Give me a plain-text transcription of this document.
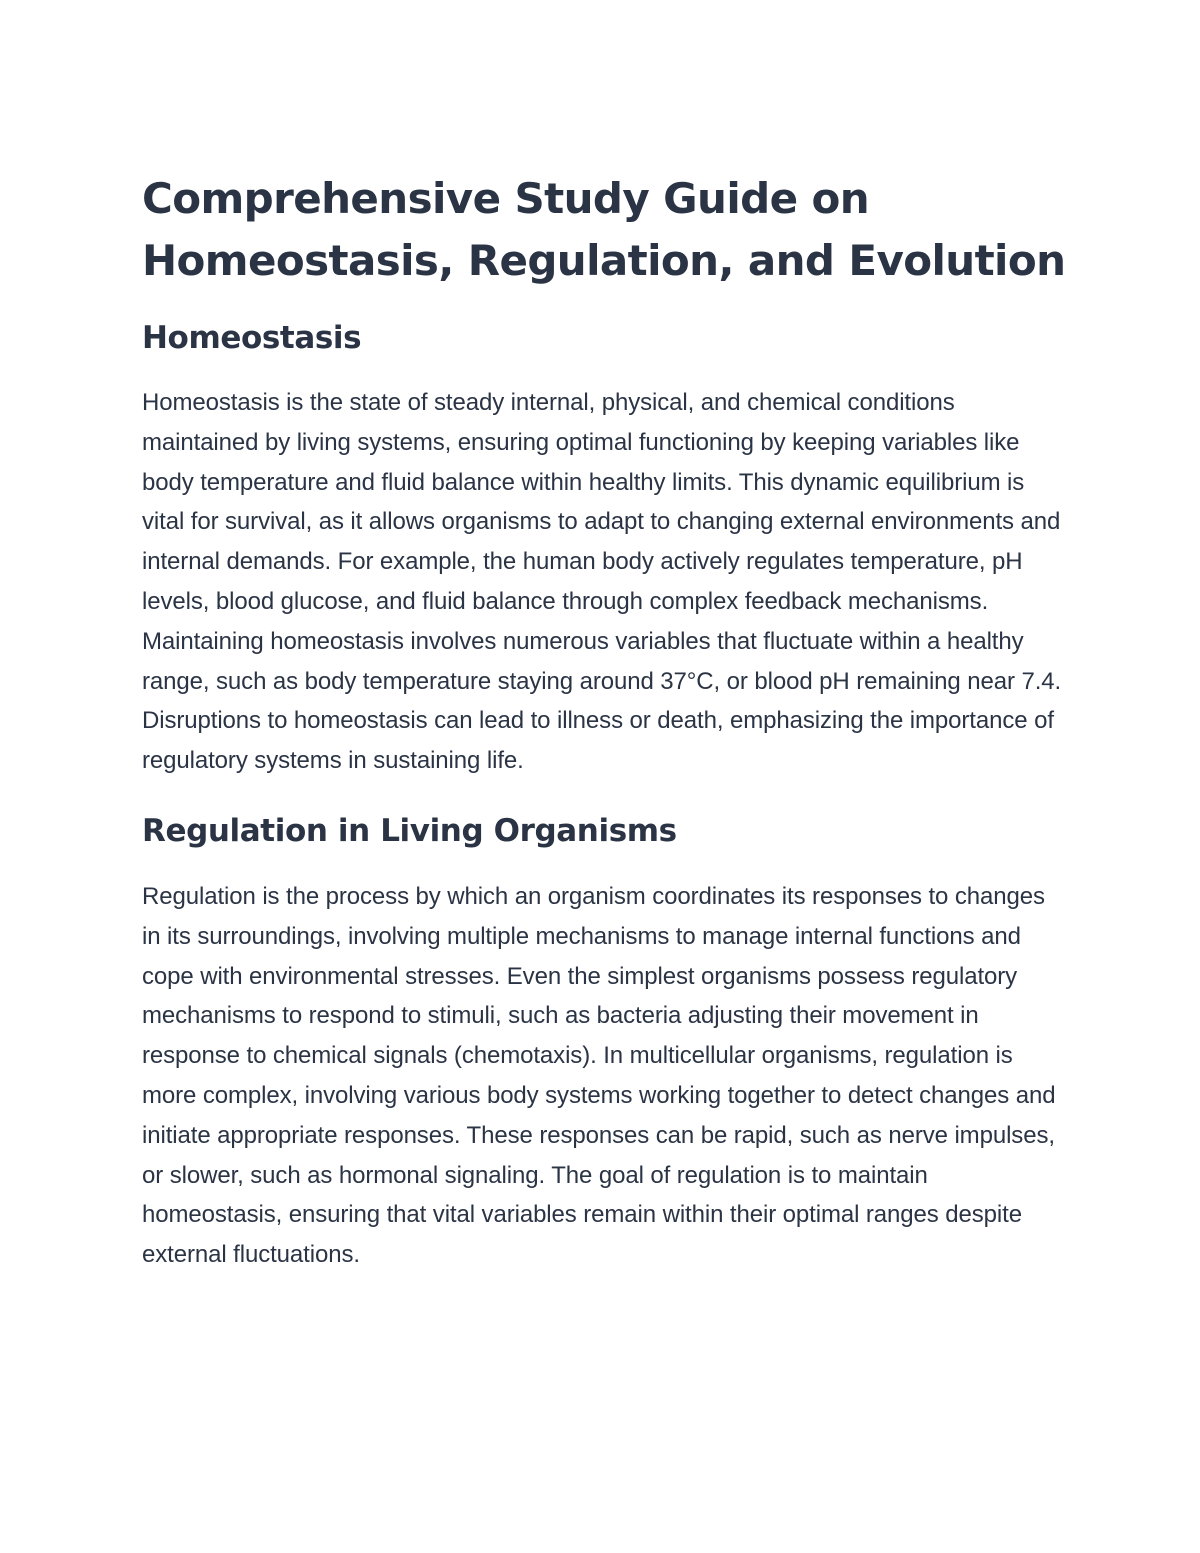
Comprehensive Study Guide on
Homeostasis, Regulation, and Evolution
Homeostasis

Homeostasis is the state of steady internal, physical, and chemical conditions maintained by living systems, ensuring optimal functioning by keeping variables like body temperature and fluid balance within healthy limits. This dynamic equilibrium is vital for survival, as it allows organisms to adapt to changing external environments and internal demands. For example, the human body actively regulates temperature, pH levels, blood glucose, and fluid balance through complex feedback mechanisms. Maintaining homeostasis involves numerous variables that fluctuate within a healthy range, such as body temperature staying around 37°C, or blood pH remaining near 7.4. Disruptions to homeostasis can lead to illness or death, emphasizing the importance of regulatory systems in sustaining life.

Regulation in Living Organisms

Regulation is the process by which an organism coordinates its responses to changes in its surroundings, involving multiple mechanisms to manage internal functions and cope with environmental stresses. Even the simplest organisms possess regulatory mechanisms to respond to stimuli, such as bacteria adjusting their movement in response to chemical signals (chemotaxis). In multicellular organisms, regulation is more complex, involving various body systems working together to detect changes and initiate appropriate responses. These responses can be rapid, such as nerve impulses, or slower, such as hormonal signaling. The goal of regulation is to maintain homeostasis, ensuring that vital variables remain within their optimal ranges despite external fluctuations.
